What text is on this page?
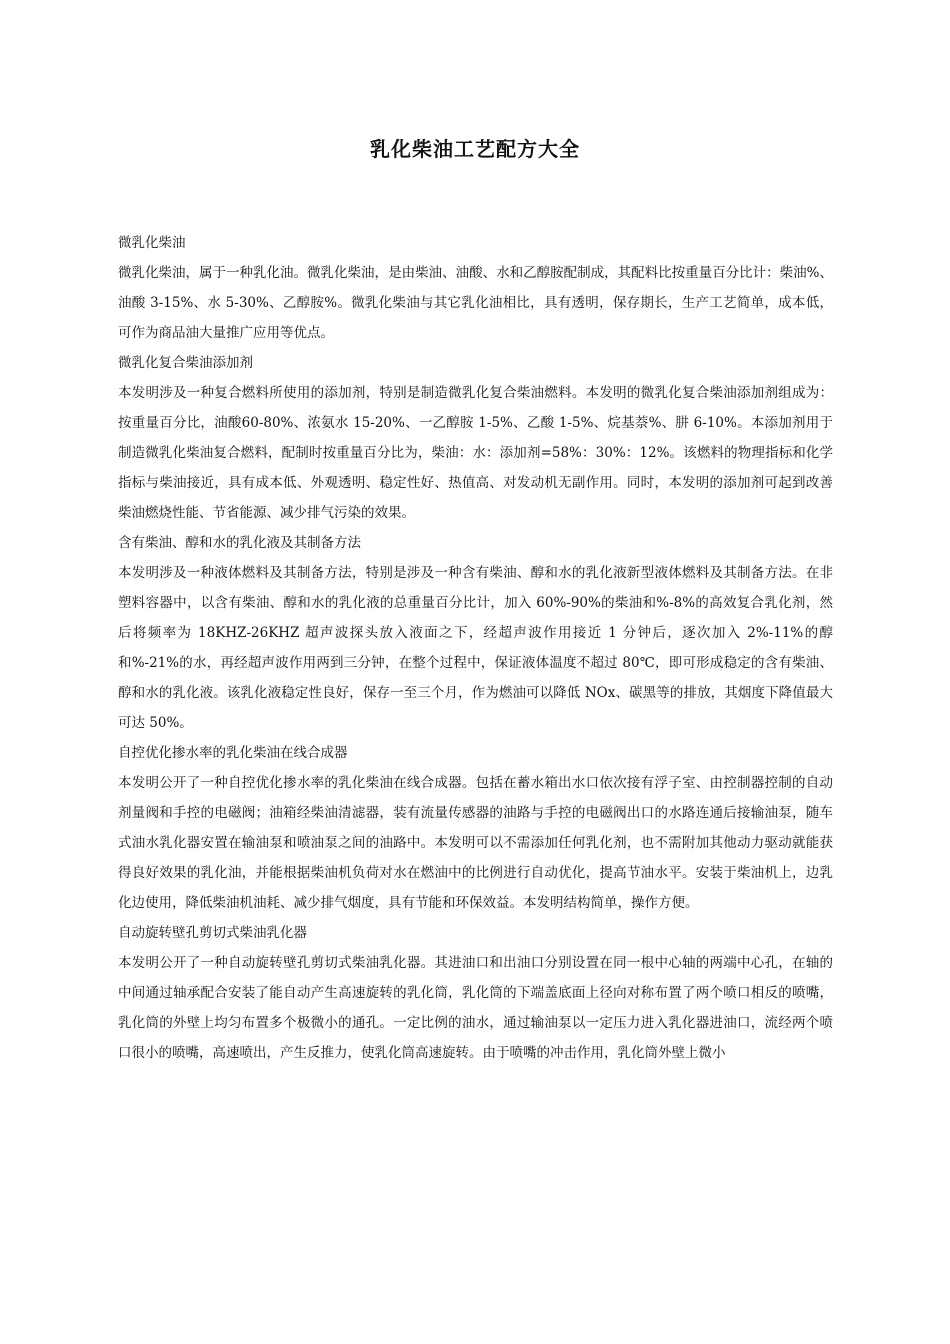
乳化柴油工艺配方大全

微乳化柴油

微乳化柴油，属于一种乳化油。微乳化柴油，是由柴油、油酸、水和乙醇胺配制成，其配料比按重量百分比计：柴油%、油酸 3-15%、水 5-30%、乙醇胺%。微乳化柴油与其它乳化油相比，具有透明，保存期长，生产工艺简单，成本低，可作为商品油大量推广应用等优点。

微乳化复合柴油添加剂

本发明涉及一种复合燃料所使用的添加剂，特别是制造微乳化复合柴油燃料。本发明的微乳化复合柴油添加剂组成为：按重量百分比，油酸60-80%、浓氨水 15-20%、一乙醇胺 1-5%、乙酸 1-5%、烷基萘%、肼 6-10%。本添加剂用于制造微乳化柴油复合燃料，配制时按重量百分比为，柴油：水：添加剂=58%：30%：12%。该燃料的物理指标和化学指标与柴油接近，具有成本低、外观透明、稳定性好、热值高、对发动机无副作用。同时，本发明的添加剂可起到改善柴油燃烧性能、节省能源、减少排气污染的效果。

含有柴油、醇和水的乳化液及其制备方法

本发明涉及一种液体燃料及其制备方法，特别是涉及一种含有柴油、醇和水的乳化液新型液体燃料及其制备方法。在非塑料容器中，以含有柴油、醇和水的乳化液的总重量百分比计，加入 60%-90%的柴油和%-8%的高效复合乳化剂，然后将频率为 18KHZ-26KHZ 超声波探头放入液面之下，经超声波作用接近 1 分钟后，逐次加入 2%-11%的醇和%-21%的水，再经超声波作用两到三分钟，在整个过程中，保证液体温度不超过 80℃，即可形成稳定的含有柴油、醇和水的乳化液。该乳化液稳定性良好，保存一至三个月，作为燃油可以降低 NOx、碳黑等的排放，其烟度下降值最大可达 50%。

自控优化掺水率的乳化柴油在线合成器

本发明公开了一种自控优化掺水率的乳化柴油在线合成器。包括在蓄水箱出水口依次接有浮子室、由控制器控制的自动剂量阀和手控的电磁阀；油箱经柴油清滤器，装有流量传感器的油路与手控的电磁阀出口的水路连通后接输油泵，随车式油水乳化器安置在输油泵和喷油泵之间的油路中。本发明可以不需添加任何乳化剂，也不需附加其他动力驱动就能获得良好效果的乳化油，并能根据柴油机负荷对水在燃油中的比例进行自动优化，提高节油水平。安装于柴油机上，边乳化边使用，降低柴油机油耗、减少排气烟度，具有节能和环保效益。本发明结构简单，操作方便。

自动旋转壁孔剪切式柴油乳化器

本发明公开了一种自动旋转壁孔剪切式柴油乳化器。其进油口和出油口分别设置在同一根中心轴的两端中心孔，在轴的中间通过轴承配合安装了能自动产生高速旋转的乳化筒，乳化筒的下端盖底面上径向对称布置了两个喷口相反的喷嘴，乳化筒的外壁上均匀布置多个极微小的通孔。一定比例的油水，通过输油泵以一定压力进入乳化器进油口，流经两个喷口很小的喷嘴，高速喷出，产生反推力，使乳化筒高速旋转。由于喷嘴的冲击作用，乳化筒外壁上微小
